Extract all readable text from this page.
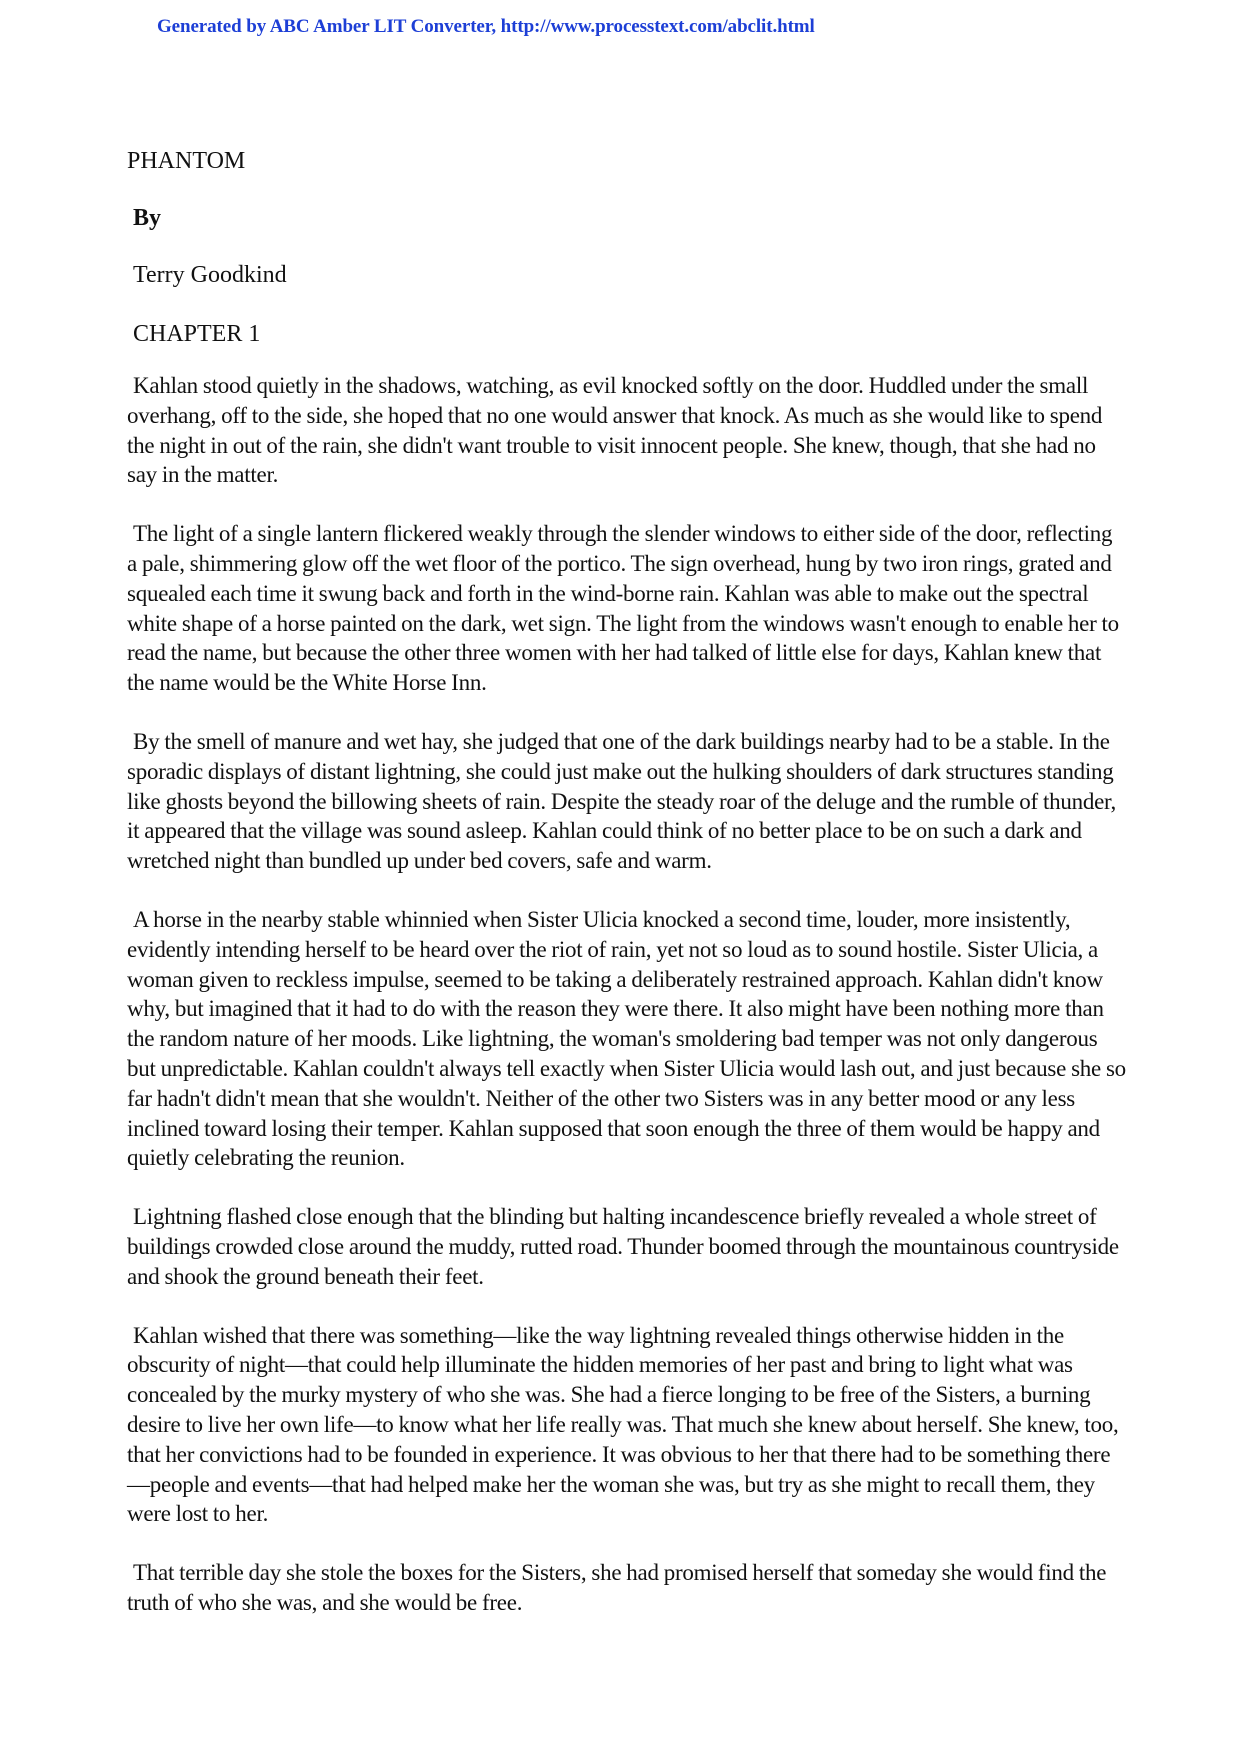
Generated by ABC Amber LIT Converter, http://www.processtext.com/abclit.html
PHANTOM
By
Terry Goodkind
CHAPTER 1

Kahlan stood quietly in the shadows, watching, as evil knocked softly on the door. Huddled under the small overhang, off to the side, she hoped that no one would answer that knock. As much as she would like to spend the night in out of the rain, she didn't want trouble to visit innocent people. She knew, though, that she had no say in the matter.

The light of a single lantern flickered weakly through the slender windows to either side of the door, reflecting a pale, shimmering glow off the wet floor of the portico. The sign overhead, hung by two iron rings, grated and squealed each time it swung back and forth in the wind-borne rain. Kahlan was able to make out the spectral white shape of a horse painted on the dark, wet sign. The light from the windows wasn't enough to enable her to read the name, but because the other three women with her had talked of little else for days, Kahlan knew that the name would be the White Horse Inn.

By the smell of manure and wet hay, she judged that one of the dark buildings nearby had to be a stable. In the sporadic displays of distant lightning, she could just make out the hulking shoulders of dark structures standing like ghosts beyond the billowing sheets of rain. Despite the steady roar of the deluge and the rumble of thunder, it appeared that the village was sound asleep. Kahlan could think of no better place to be on such a dark and wretched night than bundled up under bed covers, safe and warm.

A horse in the nearby stable whinnied when Sister Ulicia knocked a second time, louder, more insistently, evidently intending herself to be heard over the riot of rain, yet not so loud as to sound hostile. Sister Ulicia, a woman given to reckless impulse, seemed to be taking a deliberately restrained approach. Kahlan didn't know why, but imagined that it had to do with the reason they were there. It also might have been nothing more than the random nature of her moods. Like lightning, the woman's smoldering bad temper was not only dangerous but unpredictable. Kahlan couldn't always tell exactly when Sister Ulicia would lash out, and just because she so far hadn't didn't mean that she wouldn't. Neither of the other two Sisters was in any better mood or any less inclined toward losing their temper. Kahlan supposed that soon enough the three of them would be happy and quietly celebrating the reunion.

Lightning flashed close enough that the blinding but halting incandescence briefly revealed a whole street of buildings crowded close around the muddy, rutted road. Thunder boomed through the mountainous countryside and shook the ground beneath their feet.

Kahlan wished that there was something—like the way lightning revealed things otherwise hidden in the obscurity of night—that could help illuminate the hidden memories of her past and bring to light what was concealed by the murky mystery of who she was. She had a fierce longing to be free of the Sisters, a burning desire to live her own life—to know what her life really was. That much she knew about herself. She knew, too, that her convictions had to be founded in experience. It was obvious to her that there had to be something there—people and events—that had helped make her the woman she was, but try as she might to recall them, they were lost to her.

That terrible day she stole the boxes for the Sisters, she had promised herself that someday she would find the truth of who she was, and she would be free.
